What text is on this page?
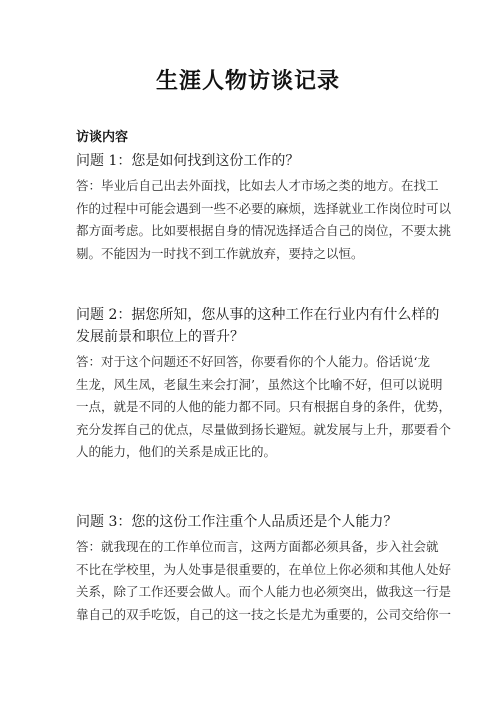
生涯人物访谈记录
访谈内容

问题 1：您是如何找到这份工作的？

答：毕业后自己出去外面找，比如去人才市场之类的地方。在找工
作的过程中可能会遇到一些不必要的麻烦，选择就业工作岗位时可以
都方面考虑。比如要根据自身的情况选择适合自己的岗位，不要太挑
剔。不能因为一时找不到工作就放弃，要持之以恒。

问题 2：据您所知，您从事的这种工作在行业内有什么样的
发展前景和职位上的晋升？

答：对于这个问题还不好回答，你要看你的个人能力。俗话说‘龙
生龙，风生凤，老鼠生来会打洞’，虽然这个比喻不好，但可以说明
一点，就是不同的人他的能力都不同。只有根据自身的条件，优势，
充分发挥自己的优点，尽量做到扬长避短。就发展与上升，那要看个
人的能力，他们的关系是成正比的。

问题 3：您的这份工作注重个人品质还是个人能力？

答：就我现在的工作单位而言，这两方面都必须具备，步入社会就
不比在学校里，为人处事是很重要的，在单位上你必须和其他人处好
关系，除了工作还要会做人。而个人能力也必须突出，做我这一行是
靠自己的双手吃饭，自己的这一技之长是尤为重要的，公司交给你一
